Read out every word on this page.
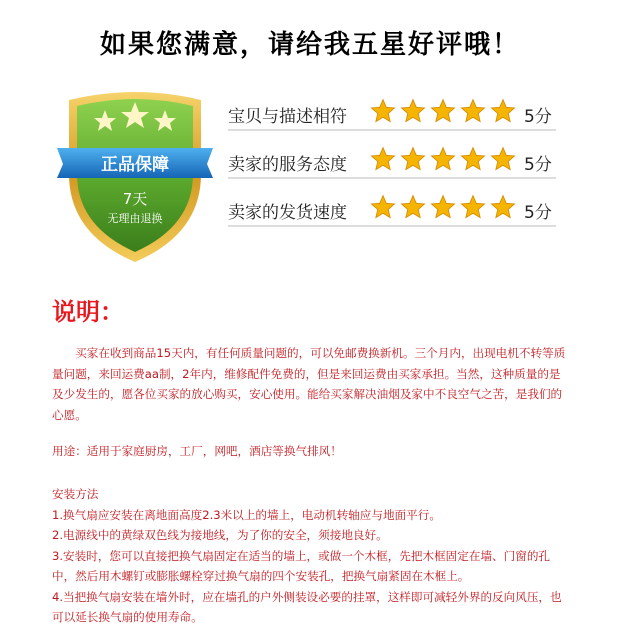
如果您满意，请给我五星好评哦！
正品保障
7天
无理由退换
宝贝与描述相符	5分
卖家的服务态度	5分
卖家的发货速度	5分
说明：
买家在收到商品15天内，有任何质量问题的，可以免邮费换新机。三个月内，出现电机不转等质量问题，来回运费aa制，2年内，维修配件免费的，但是来回运费由买家承担。当然，这种质量的是及少发生的，愿各位买家的放心购买，安心使用。能给买家解决油烟及家中不良空气之苦，是我们的心愿。
用途：适用于家庭厨房，工厂，网吧，酒店等换气排风！
安装方法
1.换气扇应安装在离地面高度2.3米以上的墙上，电动机转轴应与地面平行。
2.电源线中的黄绿双色线为接地线，为了你的安全，须接地良好。
3.安装时，您可以直接把换气扇固定在适当的墙上，或做一个木框，先把木框固定在墙、门窗的孔中，然后用木螺钉或膨胀螺栓穿过换气扇的四个安装孔，把换气扇紧固在木框上。
4.当把换气扇安装在墙外时，应在墙孔的户外侧装设必要的挂罩，这样即可减轻外界的反向风压，也可以延长换气扇的使用寿命。
